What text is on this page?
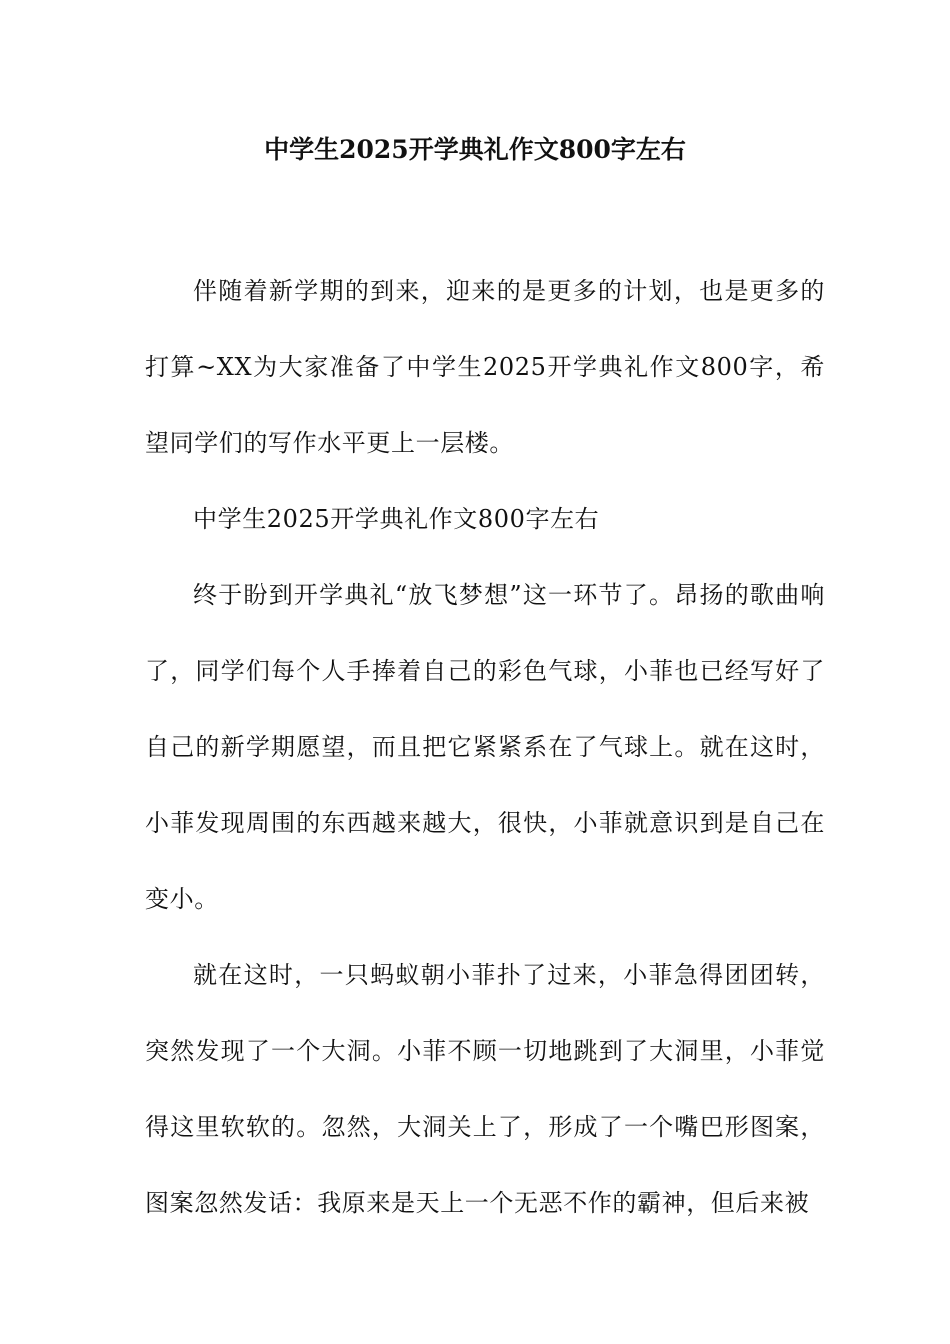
中学生2025开学典礼作文800字左右

伴随着新学期的到来，迎来的是更多的计划，也是更多的打算~XX为大家准备了中学生2025开学典礼作文800字，希望同学们的写作水平更上一层楼。

中学生2025开学典礼作文800字左右

终于盼到开学典礼“放飞梦想”这一环节了。昂扬的歌曲响了，同学们每个人手捧着自己的彩色气球，小菲也已经写好了自己的新学期愿望，而且把它紧紧系在了气球上。就在这时，小菲发现周围的东西越来越大，很快，小菲就意识到是自己在变小。

就在这时，一只蚂蚁朝小菲扑了过来，小菲急得团团转，突然发现了一个大洞。小菲不顾一切地跳到了大洞里，小菲觉得这里软软的。忽然，大洞关上了，形成了一个嘴巴形图案，图案忽然发话：我原来是天上一个无恶不作的霸神，但后来被
